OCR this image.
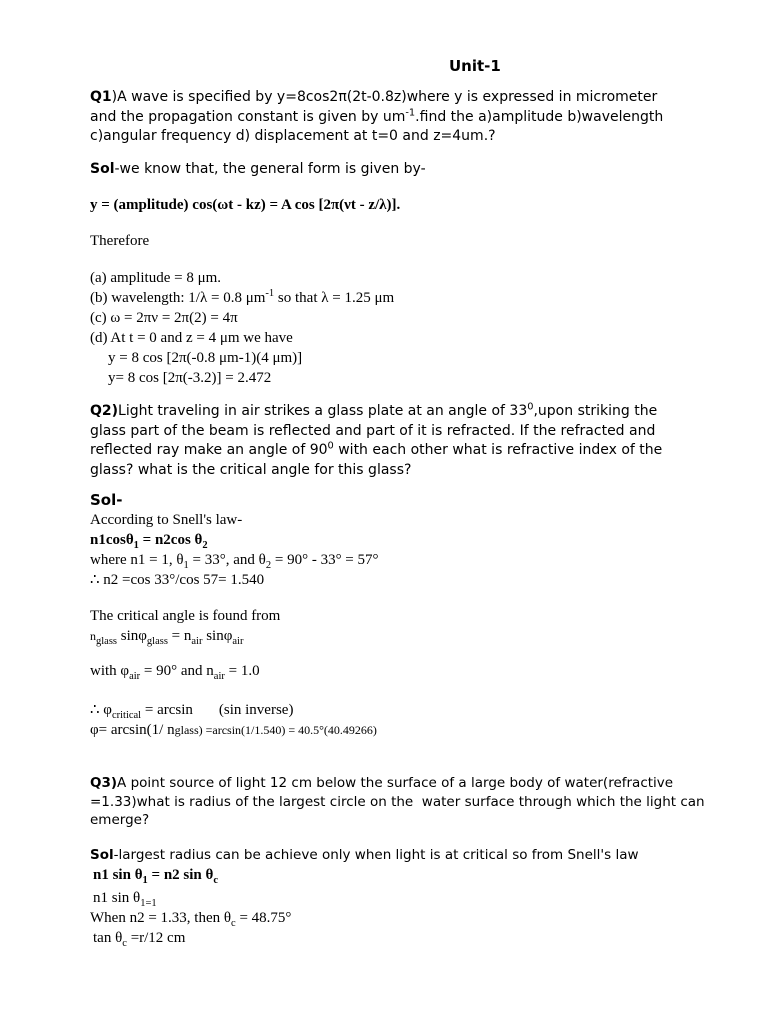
Unit-1
Q1)A wave is specified by y=8cos2π(2t-0.8z)where y is expressed in micrometer
and the propagation constant is given by $um^{-1}.find$ the a)amplitude b)wavelength
c)angular frequency d) displacement at t=0 and z=4um.?
Sol-we know that, the general form is given by-
y = (amplitude) cos(ωt - kz) = A cos [2π(νt - z/λ)].
Therefore
(a) amplitude = 8 μm.
(b) wavelength: 1/λ = 0.8 $\mu m^{-1}$ so that λ = 1.25 μm
(c) ω = 2πν = 2π(2) = 4π
(d) At t = 0 and z = 4 μm we have
y = 8 cos [2π(-0.8 μm-1)(4 μm)]
y= 8 cos [2π(-3.2)] = 2.472
Q2)Light traveling in air strikes a glass plate at an angle of $33^0,upon$ striking the
glass part of the beam is reflected and part of it is refracted. If the refracted and
reflected ray make an angle of $90^0$ with each other what is refractive index of the
glass? what is the critical angle for this glass?
Sol-
According to Snell's law-
n1cosθ$_1$ = n2cos $\theta_2$
where n1 = 1, $\theta_1 = 33^\circ$, and $\theta_2 = 90^\circ - 33^\circ = 57^\circ$
∴ n2 =cos 33°/cos 57= 1.540
The critical angle is found from
$n_{glass}$ $\sin\varphi_{glass} = n_{air}$ sinφ$_{air}$
with $\varphi_{air} = 90^\circ$ and $n_{air} = 1.0$
∴ $\varphi_{critical} = \arcsin (\sin$ inverse)
φ= arcsin(1/ nglass) =arcsin(1/1.540) = 40.5°(40.49266)
Q3)A point source of light 12 cm below the surface of a large body of water(refractive
=1.33)what is radius of the largest circle on the  water surface through which the light can
emerge?
Sol-largest radius can be achieve only when light is at critical so from Snell's law
n1 $\sin \theta_1 = n2$ $\sin \theta_c$
n1 $\sin \theta_{1=1}$
When n2 = 1.33, then $\theta_c = 48.75^\circ$
$\tan \theta_c =r/12$ cm
